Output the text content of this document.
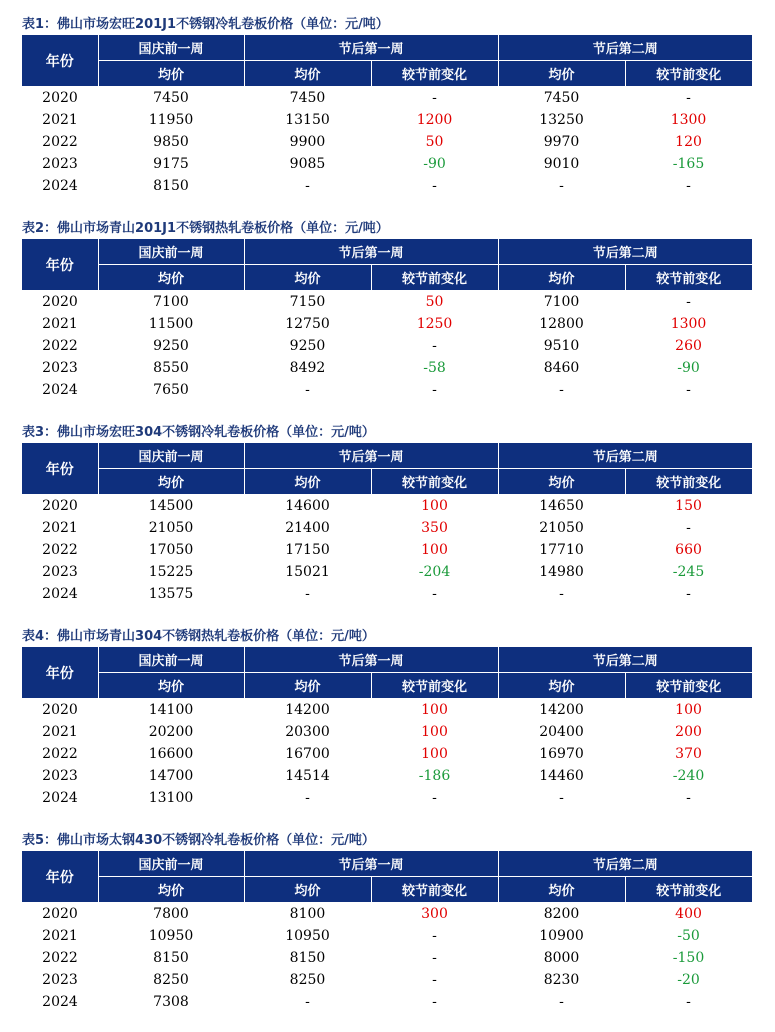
表1：佛山市场宏旺201J1不锈钢冷轧卷板价格（单位：元/吨）
年份	国庆前一周	节后第一周		节后第二周	
	均价	均价	较节前变化	均价	较节前变化
2020	7450	7450	-	7450	-
2021	11950	13150	1200	13250	1300
2022	9850	9900	50	9970	120
2023	9175	9085	-90	9010	-165
2024	8150	-	-	-	-
表2：佛山市场青山201J1不锈钢热轧卷板价格（单位：元/吨）
年份	国庆前一周	节后第一周		节后第二周	
	均价	均价	较节前变化	均价	较节前变化
2020	7100	7150	50	7100	-
2021	11500	12750	1250	12800	1300
2022	9250	9250	-	9510	260
2023	8550	8492	-58	8460	-90
2024	7650	-	-	-	-
表3：佛山市场宏旺304不锈钢冷轧卷板价格（单位：元/吨）
年份	国庆前一周	节后第一周		节后第二周	
	均价	均价	较节前变化	均价	较节前变化
2020	14500	14600	100	14650	150
2021	21050	21400	350	21050	-
2022	17050	17150	100	17710	660
2023	15225	15021	-204	14980	-245
2024	13575	-	-	-	-
表4：佛山市场青山304不锈钢热轧卷板价格（单位：元/吨）
年份	国庆前一周	节后第一周		节后第二周	
	均价	均价	较节前变化	均价	较节前变化
2020	14100	14200	100	14200	100
2021	20200	20300	100	20400	200
2022	16600	16700	100	16970	370
2023	14700	14514	-186	14460	-240
2024	13100	-	-	-	-
表5：佛山市场太钢430不锈钢冷轧卷板价格（单位：元/吨）
年份	国庆前一周	节后第一周		节后第二周	
	均价	均价	较节前变化	均价	较节前变化
2020	7800	8100	300	8200	400
2021	10950	10950	-	10900	-50
2022	8150	8150	-	8000	-150
2023	8250	8250	-	8230	-20
2024	7308	-	-	-	-
